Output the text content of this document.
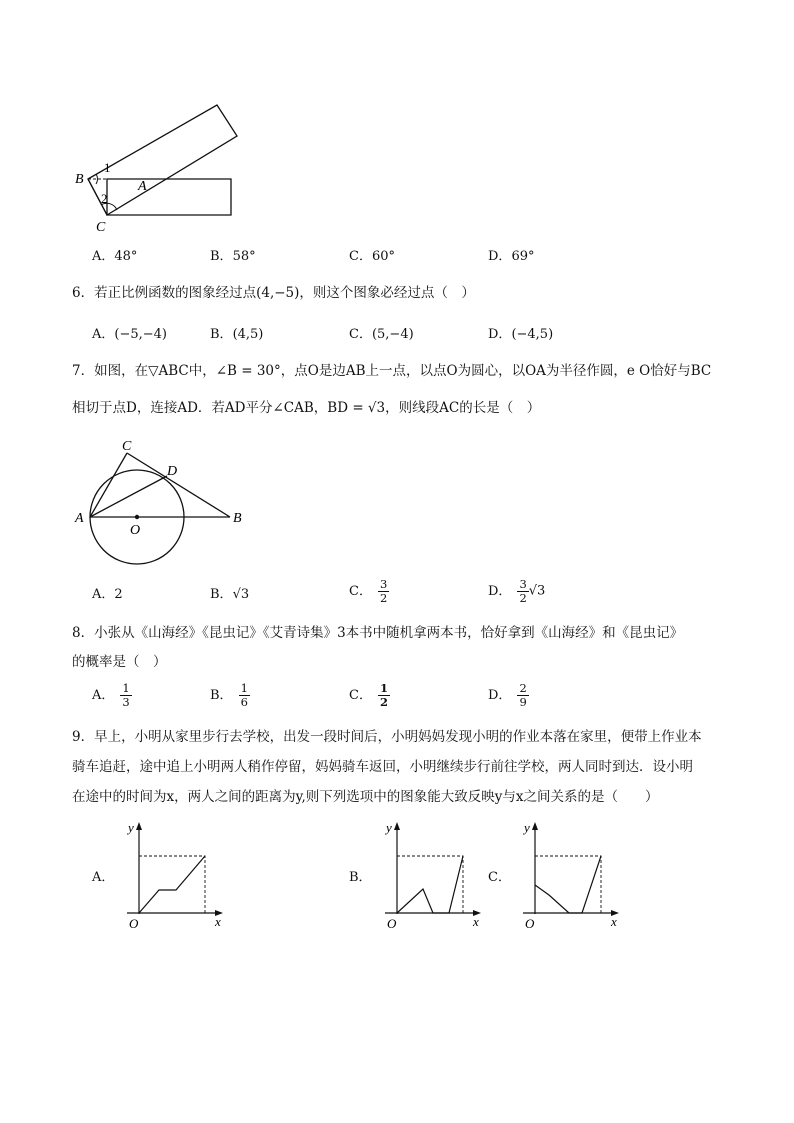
B	A
C
1
2
A．48°	B．58°	C．60°	D．69°
6．若正比例函数的图象经过点(4,−5)，则这个图象必经过点（　）
A．(−5,−4)	B．(4,5)	C．(5,−4)	D．(−4,5)
7．如图，在▽ABC中，∠B = 30°，点O是边AB上一点，以点O为圆心，以OA为半径作圆，e O恰好与BC
相切于点D，连接AD．若AD平分∠CAB，BD = √3，则线段AC的长是（　）
C
D
A
O
B
A．2	B．√3	C． $\frac{3}{2}$	D． $\frac{3}{2} √3$
8．小张从《山海经》《昆虫记》《艾青诗集》3本书中随机拿两本书，恰好拿到《山海经》和《昆虫记》
的概率是（　）
A． $\frac{1}{3}$	B． $\frac{1}{6}$	C． $\frac{1}{2}$	D． $\frac{2}{9}$
9．早上，小明从家里步行去学校，出发一段时间后，小明妈妈发现小明的作业本落在家里，便带上作业本
骑车追赶，途中追上小明两人稍作停留，妈妈骑车返回，小明继续步行前往学校，两人同时到达．设小明
在途中的时间为x，两人之间的距离为y,则下列选项中的图象能大致反映y与x之间关系的是（　　）
A．
y
x
O
B．
y
x
O
C．
y
x
O
